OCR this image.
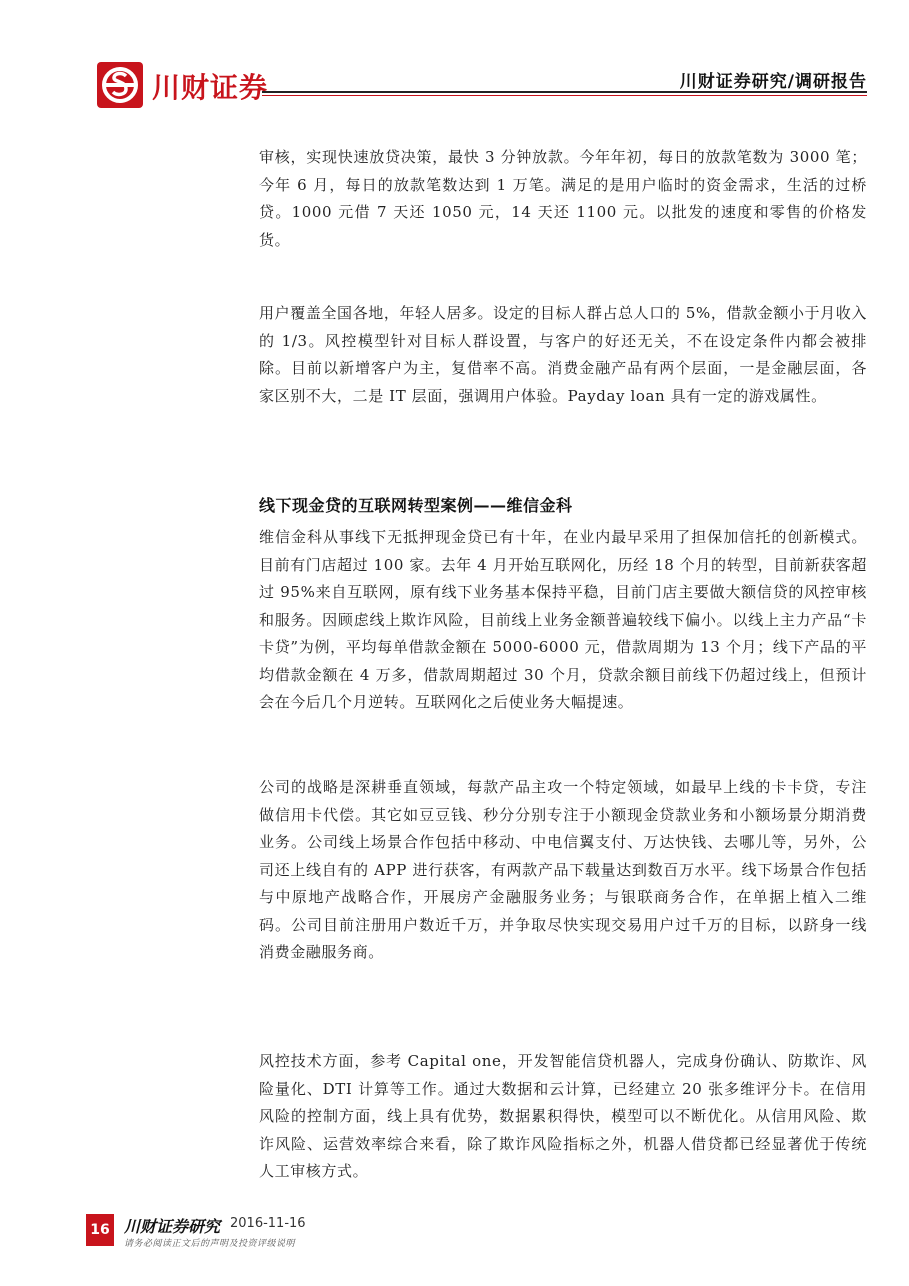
川财证券	川财证券研究/调研报告

审核，实现快速放贷决策，最快 3 分钟放款。今年年初，每日的放款笔数为 3000 笔；今年 6 月，每日的放款笔数达到 1 万笔。满足的是用户临时的资金需求，生活的过桥贷。1000 元借 7 天还 1050 元，14 天还 1100 元。以批发的速度和零售的价格发货。

用户覆盖全国各地，年轻人居多。设定的目标人群占总人口的 5%，借款金额小于月收入的 1/3。风控模型针对目标人群设置，与客户的好还无关，不在设定条件内都会被排除。目前以新增客户为主，复借率不高。消费金融产品有两个层面，一是金融层面，各家区别不大，二是 IT 层面，强调用户体验。Payday loan 具有一定的游戏属性。

线下现金贷的互联网转型案例——维信金科

维信金科从事线下无抵押现金贷已有十年，在业内最早采用了担保加信托的创新模式。目前有门店超过 100 家。去年 4 月开始互联网化，历经 18 个月的转型，目前新获客超过 95%来自互联网，原有线下业务基本保持平稳，目前门店主要做大额信贷的风控审核和服务。因顾虑线上欺诈风险，目前线上业务金额普遍较线下偏小。以线上主力产品“卡卡贷”为例，平均每单借款金额在 5000-6000 元，借款周期为 13 个月；线下产品的平均借款金额在 4 万多，借款周期超过 30 个月，贷款余额目前线下仍超过线上，但预计会在今后几个月逆转。互联网化之后使业务大幅提速。

公司的战略是深耕垂直领域，每款产品主攻一个特定领域，如最早上线的卡卡贷，专注做信用卡代偿。其它如豆豆钱、秒分分别专注于小额现金贷款业务和小额场景分期消费业务。公司线上场景合作包括中移动、中电信翼支付、万达快钱、去哪儿等，另外，公司还上线自有的 APP 进行获客，有两款产品下载量达到数百万水平。线下场景合作包括与中原地产战略合作，开展房产金融服务业务；与银联商务合作，在单据上植入二维码。公司目前注册用户数近千万，并争取尽快实现交易用户过千万的目标，以跻身一线消费金融服务商。

风控技术方面，参考 Capital one，开发智能信贷机器人，完成身份确认、防欺诈、风险量化、DTI 计算等工作。通过大数据和云计算，已经建立 20 张多维评分卡。在信用风险的控制方面，线上具有优势，数据累积得快，模型可以不断优化。从信用风险、欺诈风险、运营效率综合来看，除了欺诈风险指标之外，机器人借贷都已经显著优于传统人工审核方式。

16 川财证券研究 2016-11-16
请务必阅读正文后的声明及投资评级说明
